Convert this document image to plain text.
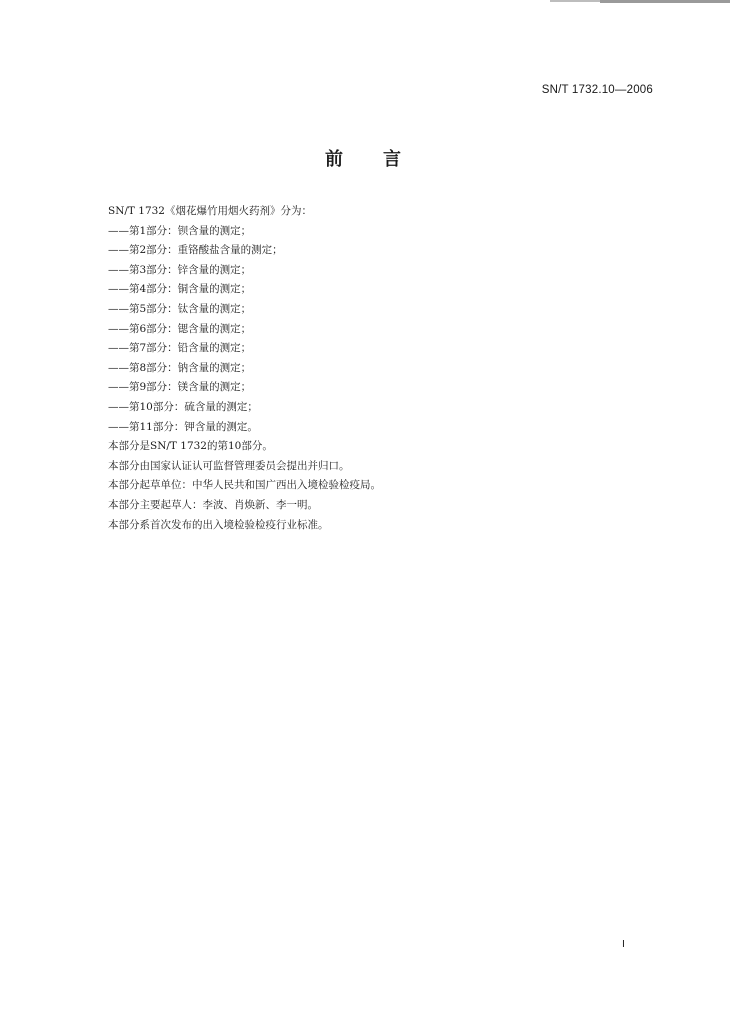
SN/T 1732.10—2006
前言

SN/T 1732《烟花爆竹用烟火药剂》分为：

——第1部分：钡含量的测定；

——第2部分：重铬酸盐含量的测定；

——第3部分：锌含量的测定；

——第4部分：铜含量的测定；

——第5部分：钛含量的测定；

——第6部分：锶含量的测定；

——第7部分：铅含量的测定；

——第8部分：钠含量的测定；

——第9部分：镁含量的测定；

——第10部分：硫含量的测定；

——第11部分：钾含量的测定。

本部分是SN/T 1732的第10部分。

本部分由国家认证认可监督管理委员会提出并归口。

本部分起草单位：中华人民共和国广西出入境检验检疫局。

本部分主要起草人：李波、肖焕新、李一明。

本部分系首次发布的出入境检验检疫行业标准。

I
